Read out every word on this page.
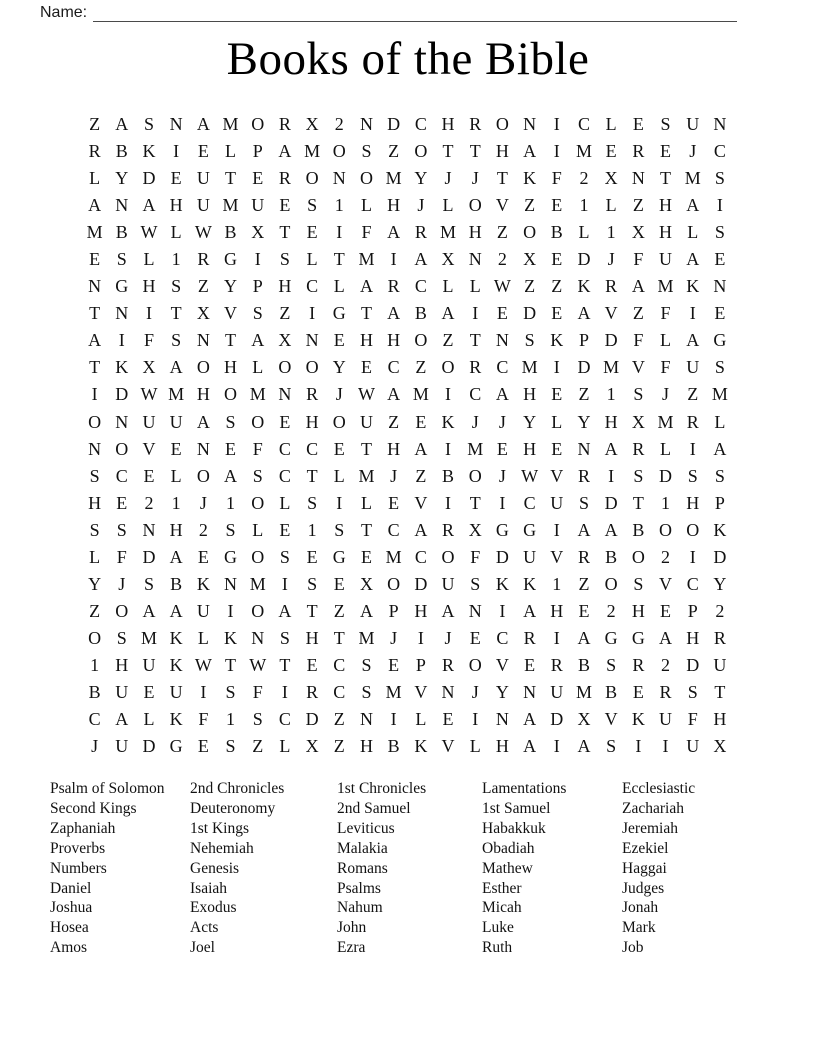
Name:
Books of the Bible
Z A S N A M O R X 2 N D C H R O N I	C L E S U N
R B K I	E L P A M O S Z O T T H A I M E R E	J C
L Y D E U T E R O N O M Y J	J	T K F 2 X N T M S
A N A H U M U E S 1 L H J	L O V Z E 1 L Z H A I
M B W L W B X T E	I	F A R M H Z O B L 1 X H L S
E S L 1 R G I	S L T M I A X N 2 X E D J	F U A E
N G H S Z Y P H C L A R C L L W Z Z K R A M K N
T N I	T X V S Z	I G T A B A I	E D E A V Z F	I	E
A I	F S N T A X N E H H O Z T N S K P D F L A G
T K X A O H L O O Y E C Z O R C M I D M V F U S
I D W M H O M N R J W A M I	C A H E Z 1 S	J	Z M
O N U U A S O E H O U Z E K J	J Y L Y H X M R L
N O V E N E F C C E T H A I M E H E N A R L	I A
S C E L O A S C T L M J	Z B O J W V R	I	S D S S
H E 2	1	J	1 O L S	I	L E V I	T	I	C U S D T 1 H P
S S N H 2 S L E 1 S T C A R X G G I A A B O O K
L F D A E G O S E G E M C O F D U V R B O 2	I D
Y J	S B K N M I	S E X O D U S K K 1 Z O S V C Y
Z O A A U I O A T Z A P H A N I A H E 2 H E P 2
O S M K L K N S H T M J	I	J	E C R	I A G G A H R
1 H U K W T W T E C S E P R O V E R B S R 2 D U
B U E U I	S F	I	R C S M V N J Y N U M B E R S T
C A L K F 1 S C D Z N I	L E	I N A D X V K U F H
J U D G E S Z L X Z H B K V L H A I A S	I	I U X
Psalm of Solomon
Second Kings
Zaphaniah
Proverbs
Numbers
Daniel
Joshua
Hosea
Amos
2nd Chronicles
Deuteronomy
1st Kings
Nehemiah
Genesis
Isaiah
Exodus
Acts
Joel
1st Chronicles
2nd Samuel
Leviticus
Malakia
Romans
Psalms
Nahum
John
Ezra
Lamentations
1st Samuel
Habakkuk
Obadiah
Mathew
Esther
Micah
Luke
Ruth
Ecclesiastic
Zachariah
Jeremiah
Ezekiel
Haggai
Judges
Jonah
Mark
Job
